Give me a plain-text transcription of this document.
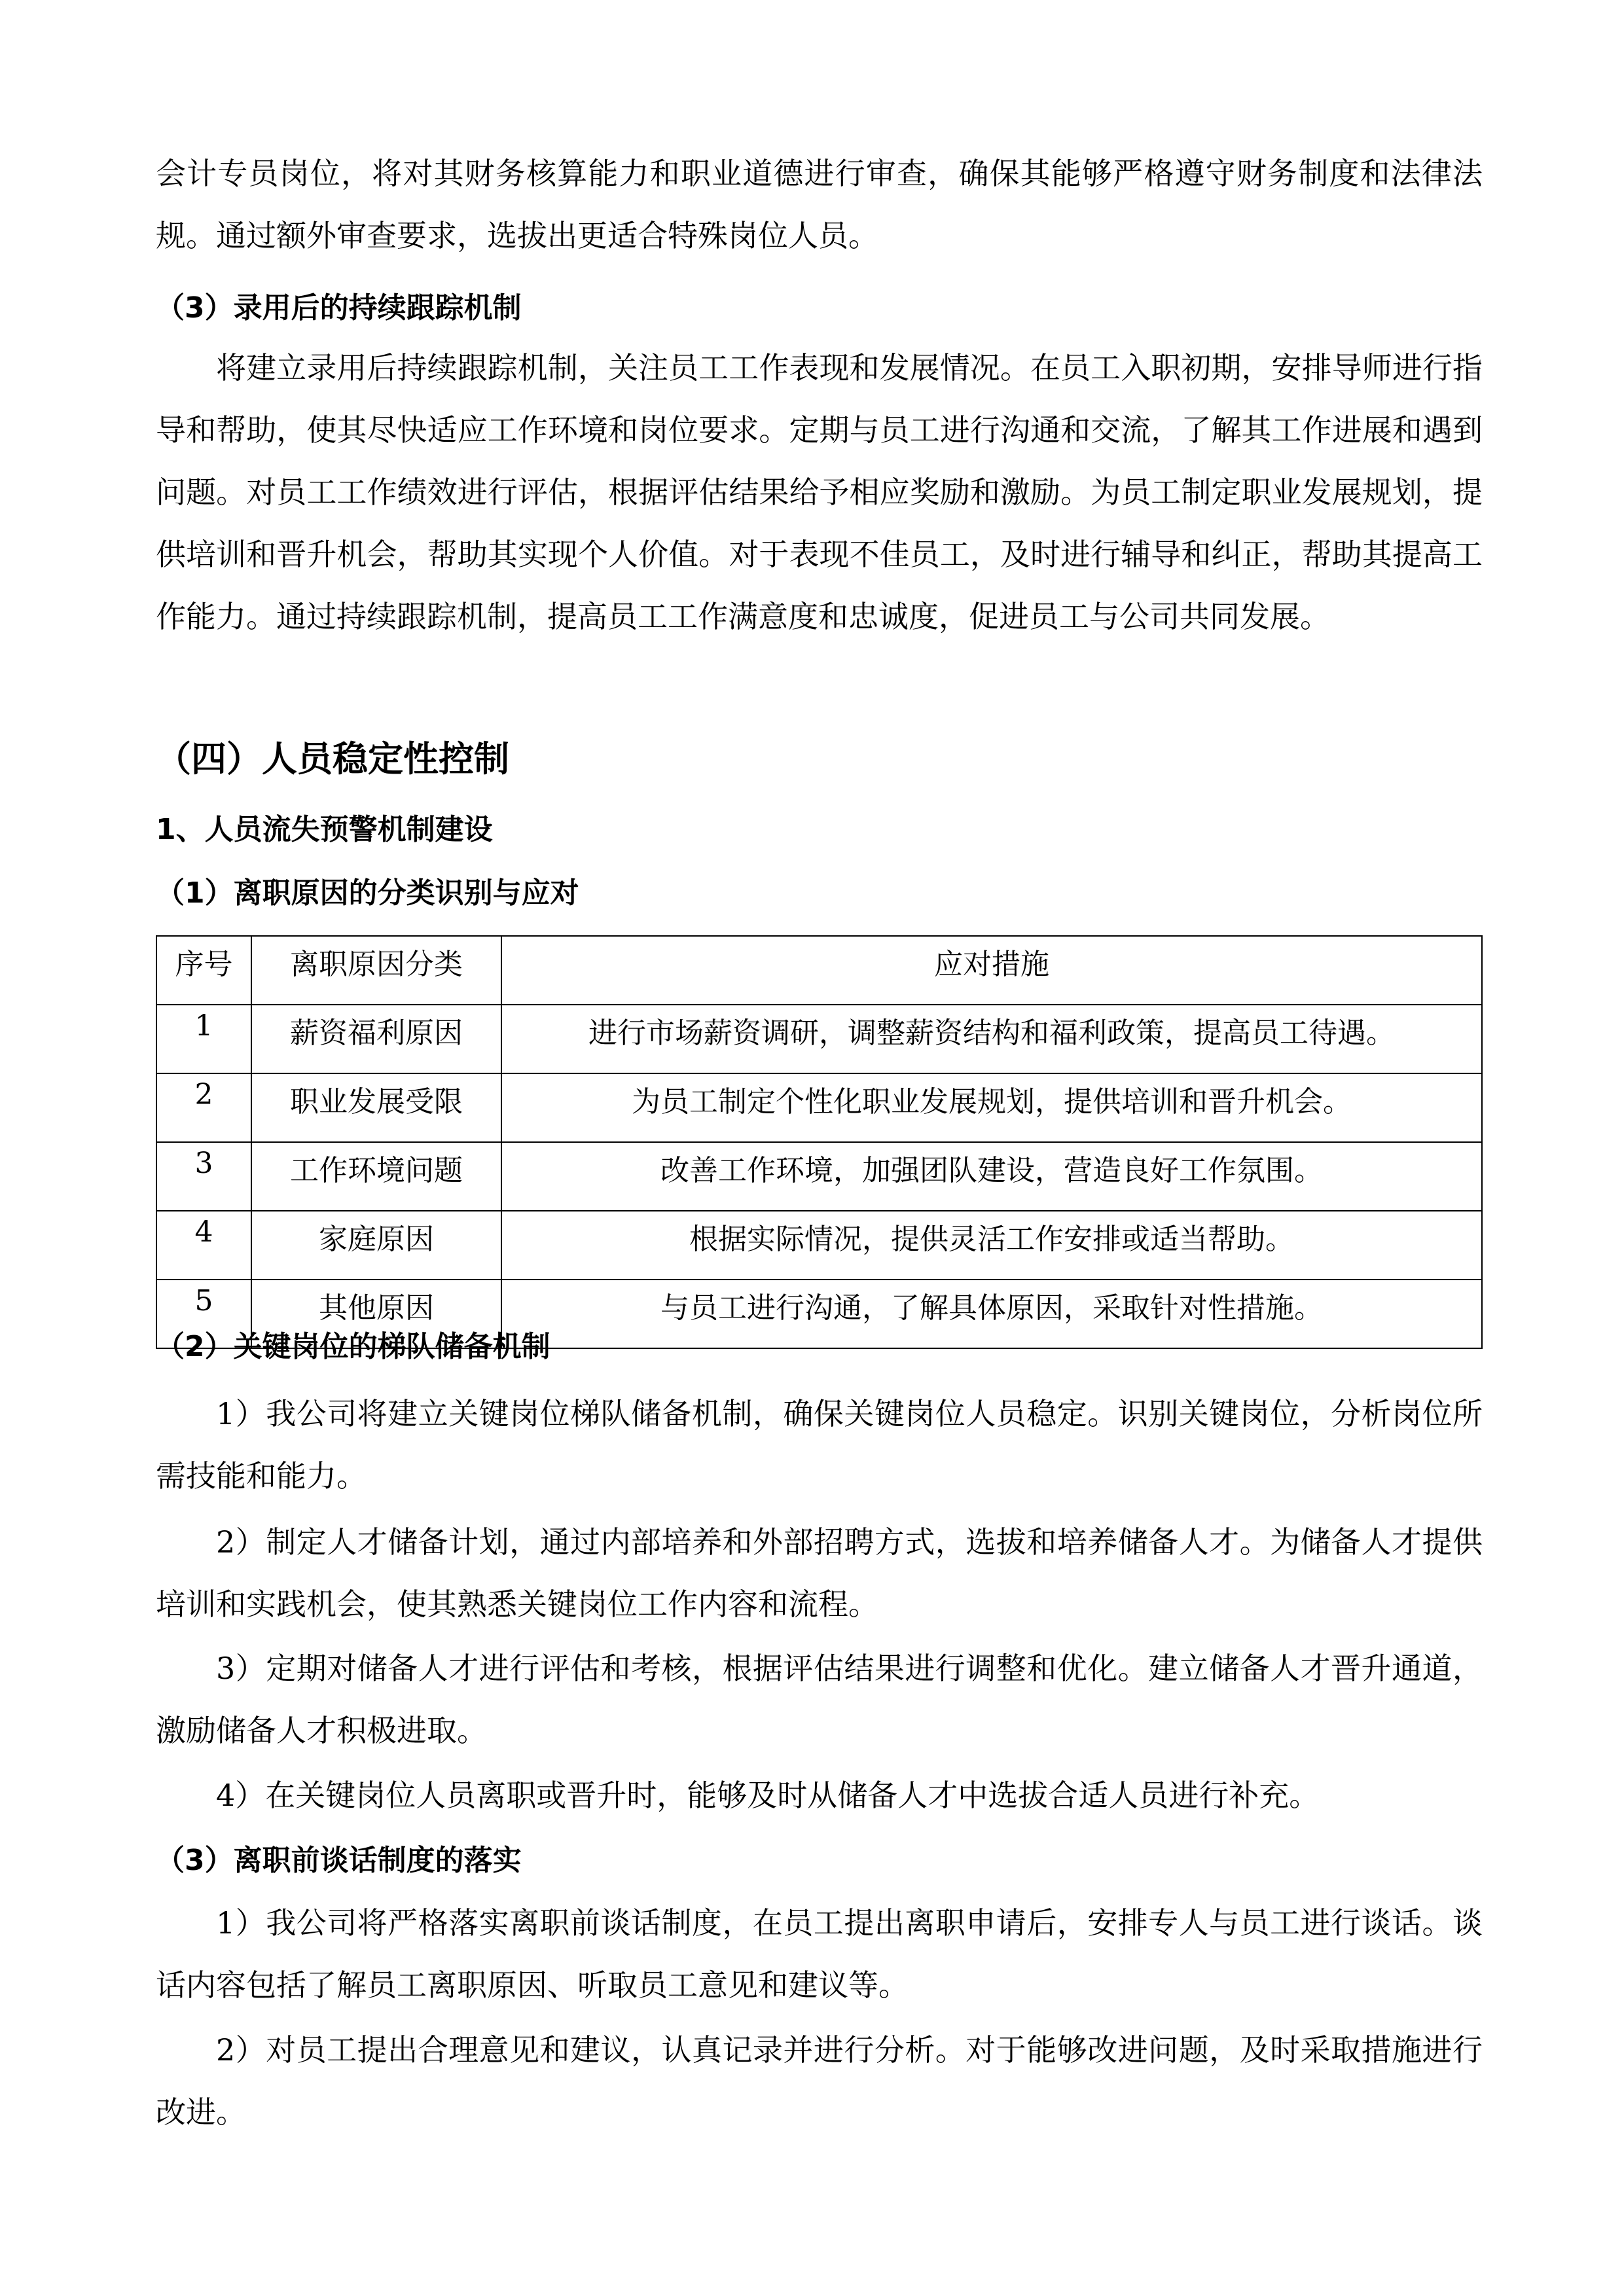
会计专员岗位，将对其财务核算能力和职业道德进行审查，确保其能够严格遵守财务制度和法律法规。通过额外审查要求，选拔出更适合特殊岗位人员。
（3）录用后的持续跟踪机制
将建立录用后持续跟踪机制，关注员工工作表现和发展情况。在员工入职初期，安排导师进行指导和帮助，使其尽快适应工作环境和岗位要求。定期与员工进行沟通和交流，了解其工作进展和遇到问题。对员工工作绩效进行评估，根据评估结果给予相应奖励和激励。为员工制定职业发展规划，提供培训和晋升机会，帮助其实现个人价值。对于表现不佳员工，及时进行辅导和纠正，帮助其提高工作能力。通过持续跟踪机制，提高员工工作满意度和忠诚度，促进员工与公司共同发展。
（四）人员稳定性控制
1、人员流失预警机制建设
（1）离职原因的分类识别与应对
序号	离职原因分类	应对措施
1	薪资福利原因	进行市场薪资调研，调整薪资结构和福利政策，提高员工待遇。
2	职业发展受限	为员工制定个性化职业发展规划，提供培训和晋升机会。
3	工作环境问题	改善工作环境，加强团队建设，营造良好工作氛围。
4	家庭原因	根据实际情况，提供灵活工作安排或适当帮助。
5	其他原因	与员工进行沟通，了解具体原因，采取针对性措施。
（2）关键岗位的梯队储备机制
1）我公司将建立关键岗位梯队储备机制，确保关键岗位人员稳定。识别关键岗位，分析岗位所需技能和能力。
2）制定人才储备计划，通过内部培养和外部招聘方式，选拔和培养储备人才。为储备人才提供培训和实践机会，使其熟悉关键岗位工作内容和流程。
3）定期对储备人才进行评估和考核，根据评估结果进行调整和优化。建立储备人才晋升通道，激励储备人才积极进取。
4）在关键岗位人员离职或晋升时，能够及时从储备人才中选拔合适人员进行补充。
（3）离职前谈话制度的落实
1）我公司将严格落实离职前谈话制度，在员工提出离职申请后，安排专人与员工进行谈话。谈话内容包括了解员工离职原因、听取员工意见和建议等。
2）对员工提出合理意见和建议，认真记录并进行分析。对于能够改进问题，及时采取措施进行改进。
